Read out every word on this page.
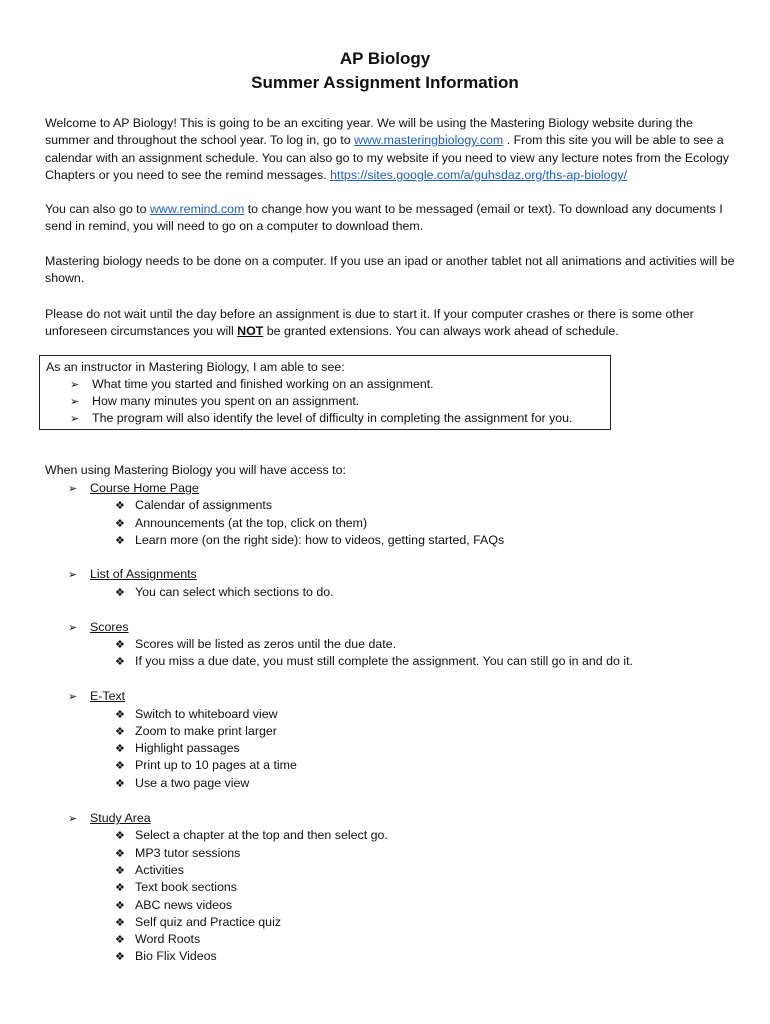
AP Biology
Summer Assignment Information

Welcome to AP Biology! This is going to be an exciting year. We will be using the Mastering Biology website during the summer and throughout the school year. To log in, go to www.masteringbiology.com . From this site you will be able to see a calendar with an assignment schedule. You can also go to my website if you need to view any lecture notes from the Ecology Chapters or you need to see the remind messages. https://sites.google.com/a/guhsdaz.org/ths-ap-biology/

You can also go to www.remind.com to change how you want to be messaged (email or text). To download any documents I send in remind, you will need to go on a computer to download them.

Mastering biology needs to be done on a computer. If you use an ipad or another tablet not all animations and activities will be shown.

Please do not wait until the day before an assignment is due to start it. If your computer crashes or there is some other unforeseen circumstances you will NOT be granted extensions. You can always work ahead of schedule.

As an instructor in Mastering Biology, I am able to see:
➢ What time you started and finished working on an assignment.
➢ How many minutes you spent on an assignment.
➢ The program will also identify the level of difficulty in completing the assignment for you.
When using Mastering Biology you will have access to:
➢ Course Home Page
❖ Calendar of assignments
❖ Announcements (at the top, click on them)
❖ Learn more (on the right side): how to videos, getting started, FAQs
➢ List of Assignments
❖ You can select which sections to do.
➢ Scores
❖ Scores will be listed as zeros until the due date.
❖ If you miss a due date, you must still complete the assignment. You can still go in and do it.
➢ E-Text
❖ Switch to whiteboard view
❖ Zoom to make print larger
❖ Highlight passages
❖ Print up to 10 pages at a time
❖ Use a two page view
➢ Study Area
❖ Select a chapter at the top and then select go.
❖ MP3 tutor sessions
❖ Activities
❖ Text book sections
❖ ABC news videos
❖ Self quiz and Practice quiz
❖ Word Roots
❖ Bio Flix Videos
